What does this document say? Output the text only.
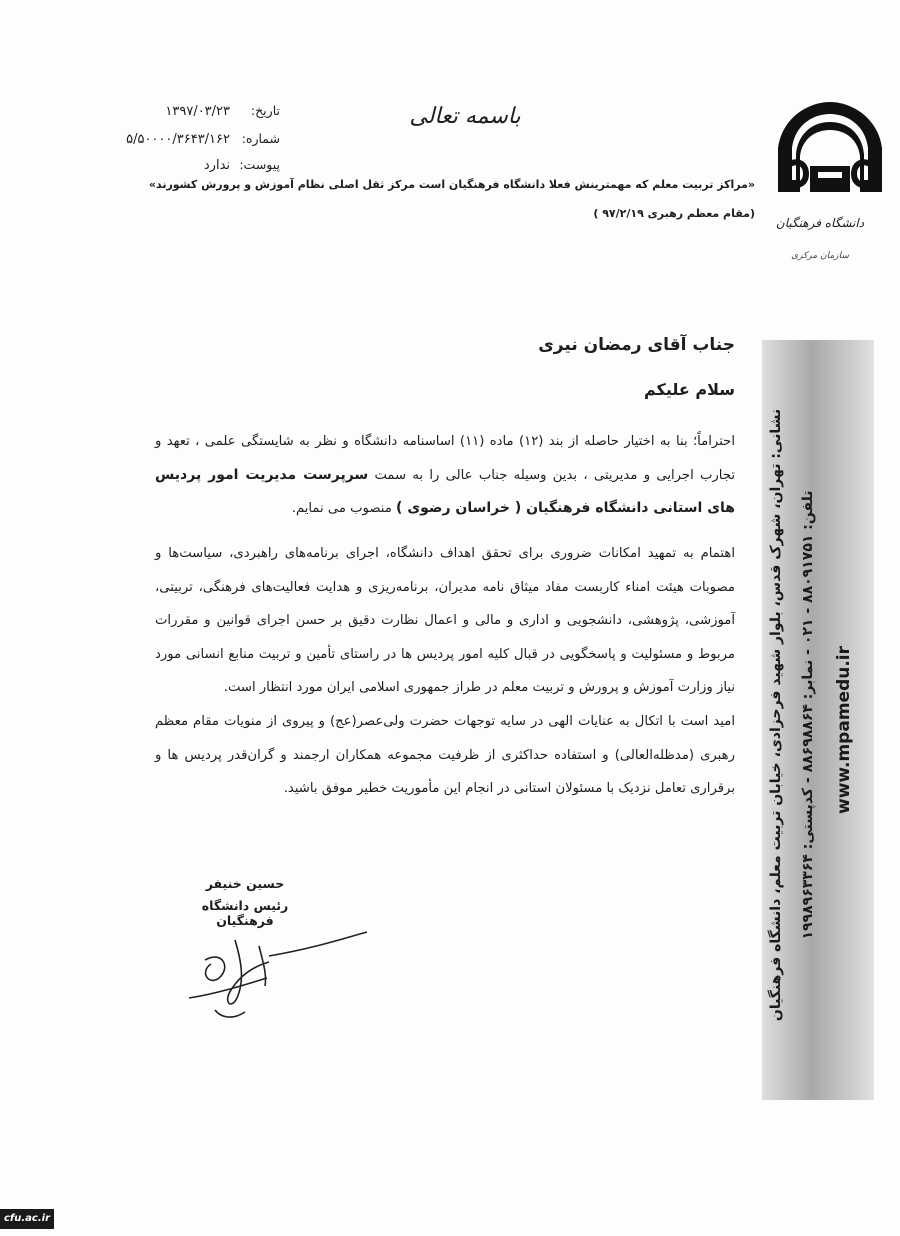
باسمه تعالی
تاریخ: ۱۳۹۷/۰۳/۲۳
شماره: ۵/۵۰۰۰۰/۳۶۴۳/۱۶۲
پیوست: ندارد
«مراکز تربیت معلم که مهمترینش فعلا دانشگاه فرهنگیان است مرکز ثقل اصلی نظام آموزش و پرورش کشورند»
(مقام معظم رهبری ۹۷/۲/۱۹ )
دانشگاه فرهنگیان
سازمان مرکزی
نشانی: تهران، شهرک قدس، بلوار شهید فرحزادی، خیابان تربیت معلم، دانشگاه فرهنگیان تلفن: ۸۸۰۹۱۷۵۱ - ۰۲۱ - نمابر: ۸۸۶۹۸۸۶۴ - کدپستی: ۱۹۹۸۹۶۳۳۶۴
www.mpamedu.ir
جناب آقای رمضان نیری
سلام علیکم
احتراماً؛ بنا به اختیار حاصله از بند (۱۲) ماده (۱۱) اساسنامه دانشگاه و نظر به شایستگی علمی ، تعهد و تجارب اجرایی و مدیریتی ، بدین وسیله جناب عالی را به سمت سرپرست مدیریت امور پردیس های استانی دانشگاه فرهنگیان ( خراسان رضوی ) منصوب می نمایم.
اهتمام به تمهید امکانات ضروری برای تحقق اهداف دانشگاه، اجرای برنامه‌های راهبردی، سیاست‌ها و مصوبات هیئت امناء کاربست مفاد میثاق نامه مدیران، برنامه‌ریزی و هدایت فعالیت‌های فرهنگی، تربیتی، آموزشی، پژوهشی، دانشجویی و اداری و مالی و اعمال نظارت دقیق بر حسن اجرای قوانین و مقررات مربوط و مسئولیت و پاسخگویی در قبال کلیه امور پردیس ها در راستای تأمین و تربیت منابع انسانی مورد نیاز وزارت آموزش و پرورش و تربیت معلم در طراز جمهوری اسلامی ایران مورد انتظار است.
امید است با اتکال به عنایات الهی در سایه توجهات حضرت ولی‌عصر(عج) و پیروی از منویات مقام معظم رهبری (مدظله‌العالی) و استفاده حداکثری از ظرفیت مجموعه همکاران ارجمند و گران‌قدر پردیس ها و برقراری تعامل نزدیک با مسئولان استانی در انجام این مأموریت خطیر موفق باشید.
حسین خنیفر
رئیس دانشگاه فرهنگیان
cfu.ac.ir
